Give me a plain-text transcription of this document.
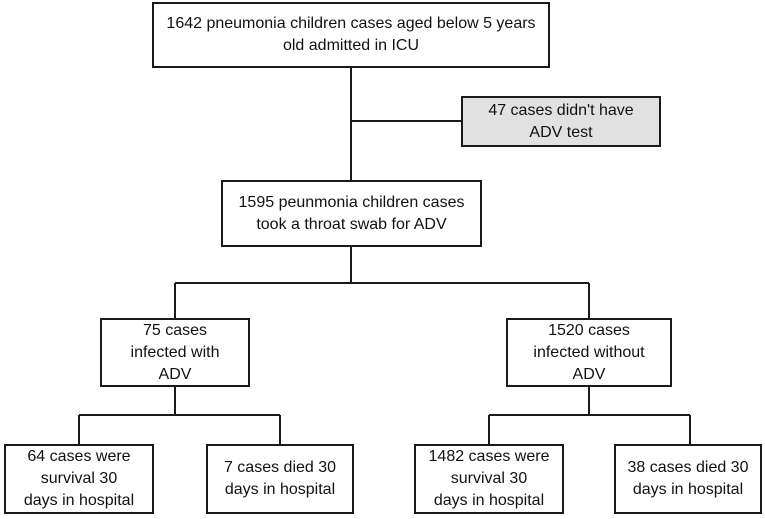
1642 pneumonia children cases aged below 5 years
old admitted in ICU
47 cases didn't have
ADV test
1595 peunmonia children cases
took a throat swab for ADV
75 cases
infected with
ADV
1520 cases
infected without
ADV
64 cases were
survival 30
days in hospital
7 cases died 30
days in hospital
1482 cases were
survival 30
days in hospital
38 cases died 30
days in hospital
